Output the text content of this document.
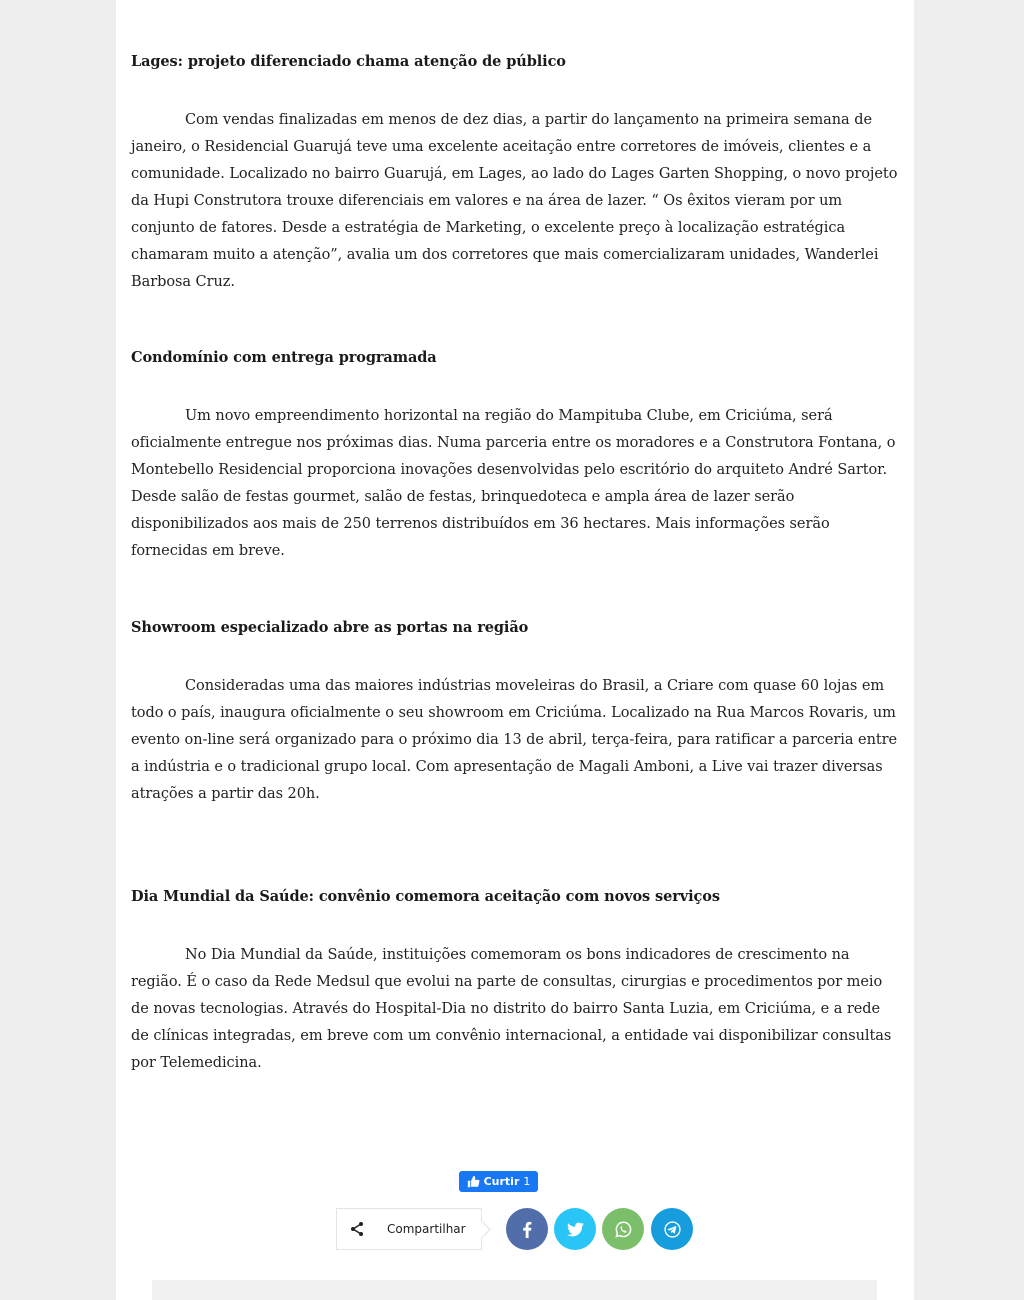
Lages: projeto diferenciado chama atenção de público

Com vendas finalizadas em menos de dez dias, a partir do lançamento na primeira semana de janeiro, o Residencial Guarujá teve uma excelente aceitação entre corretores de imóveis, clientes e a comunidade. Localizado no bairro Guarujá, em Lages, ao lado do Lages Garten Shopping, o novo projeto da Hupi Construtora trouxe diferenciais em valores e na área de lazer. “ Os êxitos vieram por um conjunto de fatores. Desde a estratégia de Marketing, o excelente preço à localização estratégica chamaram muito a atenção”, avalia um dos corretores que mais comercializaram unidades, Wanderlei Barbosa Cruz.

Condomínio com entrega programada

Um novo empreendimento horizontal na região do Mampituba Clube, em Criciúma, será oficialmente entregue nos próximas dias. Numa parceria entre os moradores e a Construtora Fontana, o Montebello Residencial proporciona inovações desenvolvidas pelo escritório do arquiteto André Sartor. Desde salão de festas gourmet, salão de festas, brinquedoteca e ampla área de lazer serão disponibilizados aos mais de 250 terrenos distribuídos em 36 hectares. Mais informações serão fornecidas em breve.

Showroom especializado abre as portas na região

Consideradas uma das maiores indústrias moveleiras do Brasil, a Criare com quase 60 lojas em todo o país, inaugura oficialmente o seu showroom em Criciúma. Localizado na Rua Marcos Rovaris, um evento on-line será organizado para o próximo dia 13 de abril, terça-feira, para ratificar a parceria entre a indústria e o tradicional grupo local. Com apresentação de Magali Amboni, a Live vai trazer diversas atrações a partir das 20h.

Dia Mundial da Saúde: convênio comemora aceitação com novos serviços

No Dia Mundial da Saúde, instituições comemoram os bons indicadores de crescimento na região. É o caso da Rede Medsul que evolui na parte de consultas, cirurgias e procedimentos por meio de novas tecnologias. Através do Hospital-Dia no distrito do bairro Santa Luzia, em Criciúma, e a rede de clínicas integradas, em breve com um convênio internacional, a entidade vai disponibilizar consultas por Telemedicina.

Curtir 1
Compartilhar
